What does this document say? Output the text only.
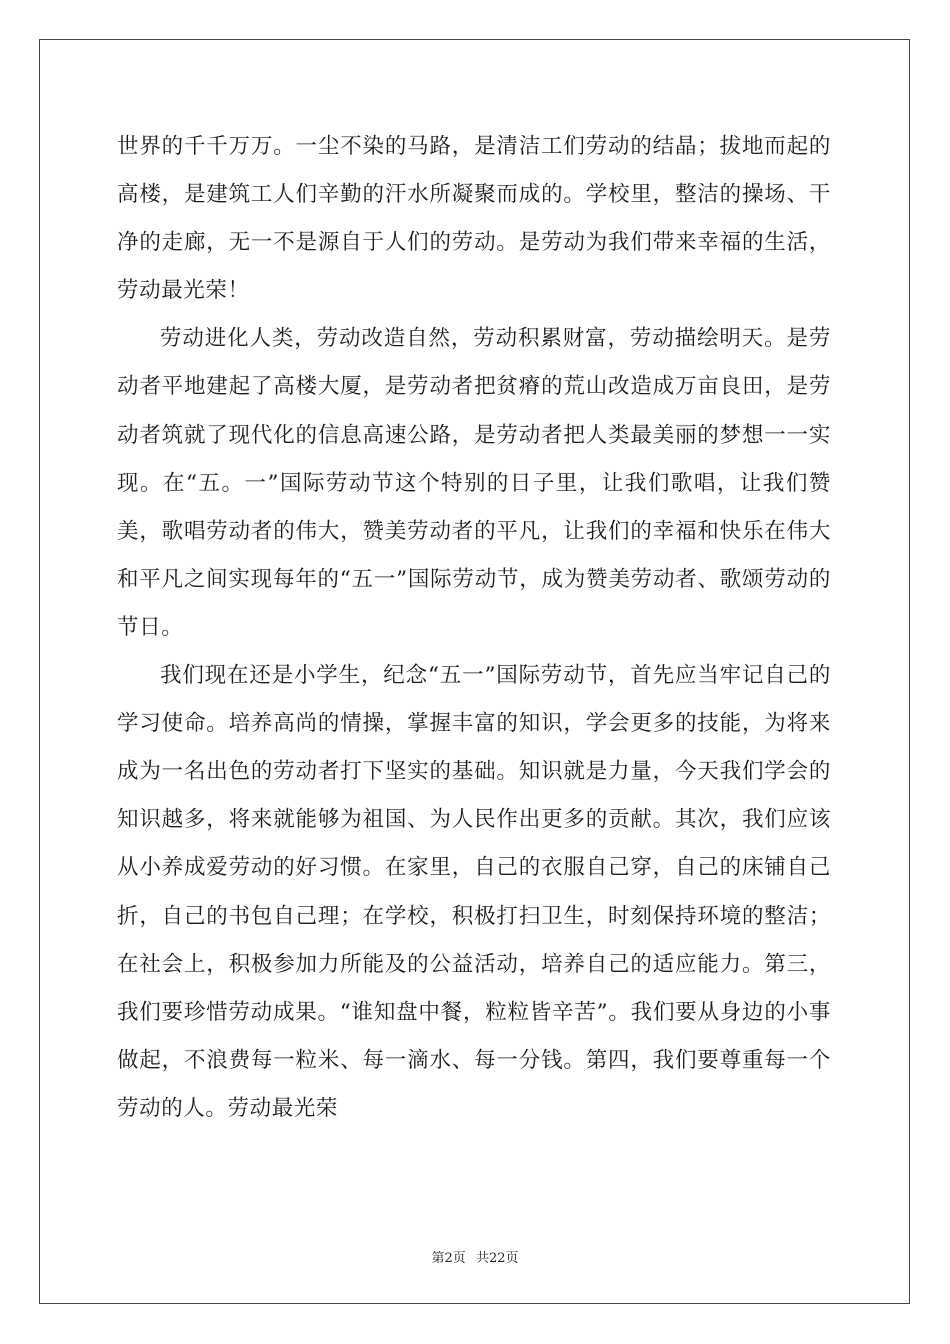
世界的千千万万。一尘不染的马路，是清洁工们劳动的结晶；拔地而起的高楼，是建筑工人们辛勤的汗水所凝聚而成的。学校里，整洁的操场、干净的走廊，无一不是源自于人们的劳动。是劳动为我们带来幸福的生活，劳动最光荣！

劳动进化人类，劳动改造自然，劳动积累财富，劳动描绘明天。是劳动者平地建起了高楼大厦，是劳动者把贫瘠的荒山改造成万亩良田，是劳动者筑就了现代化的信息高速公路，是劳动者把人类最美丽的梦想一一实现。在“五。一”国际劳动节这个特别的日子里，让我们歌唱，让我们赞美，歌唱劳动者的伟大，赞美劳动者的平凡，让我们的幸福和快乐在伟大和平凡之间实现每年的“五一”国际劳动节，成为赞美劳动者、歌颂劳动的节日。

我们现在还是小学生，纪念“五一”国际劳动节，首先应当牢记自己的学习使命。培养高尚的情操，掌握丰富的知识，学会更多的技能，为将来成为一名出色的劳动者打下坚实的基础。知识就是力量，今天我们学会的知识越多，将来就能够为祖国、为人民作出更多的贡献。其次，我们应该从小养成爱劳动的好习惯。在家里，自己的衣服自己穿，自己的床铺自己折，自己的书包自己理；在学校，积极打扫卫生，时刻保持环境的整洁；在社会上，积极参加力所能及的公益活动，培养自己的适应能力。第三，我们要珍惜劳动成果。“谁知盘中餐，粒粒皆辛苦”。我们要从身边的小事做起，不浪费每一粒米、每一滴水、每一分钱。第四，我们要尊重每一个劳动的人。劳动最光荣

第2页 共22页
